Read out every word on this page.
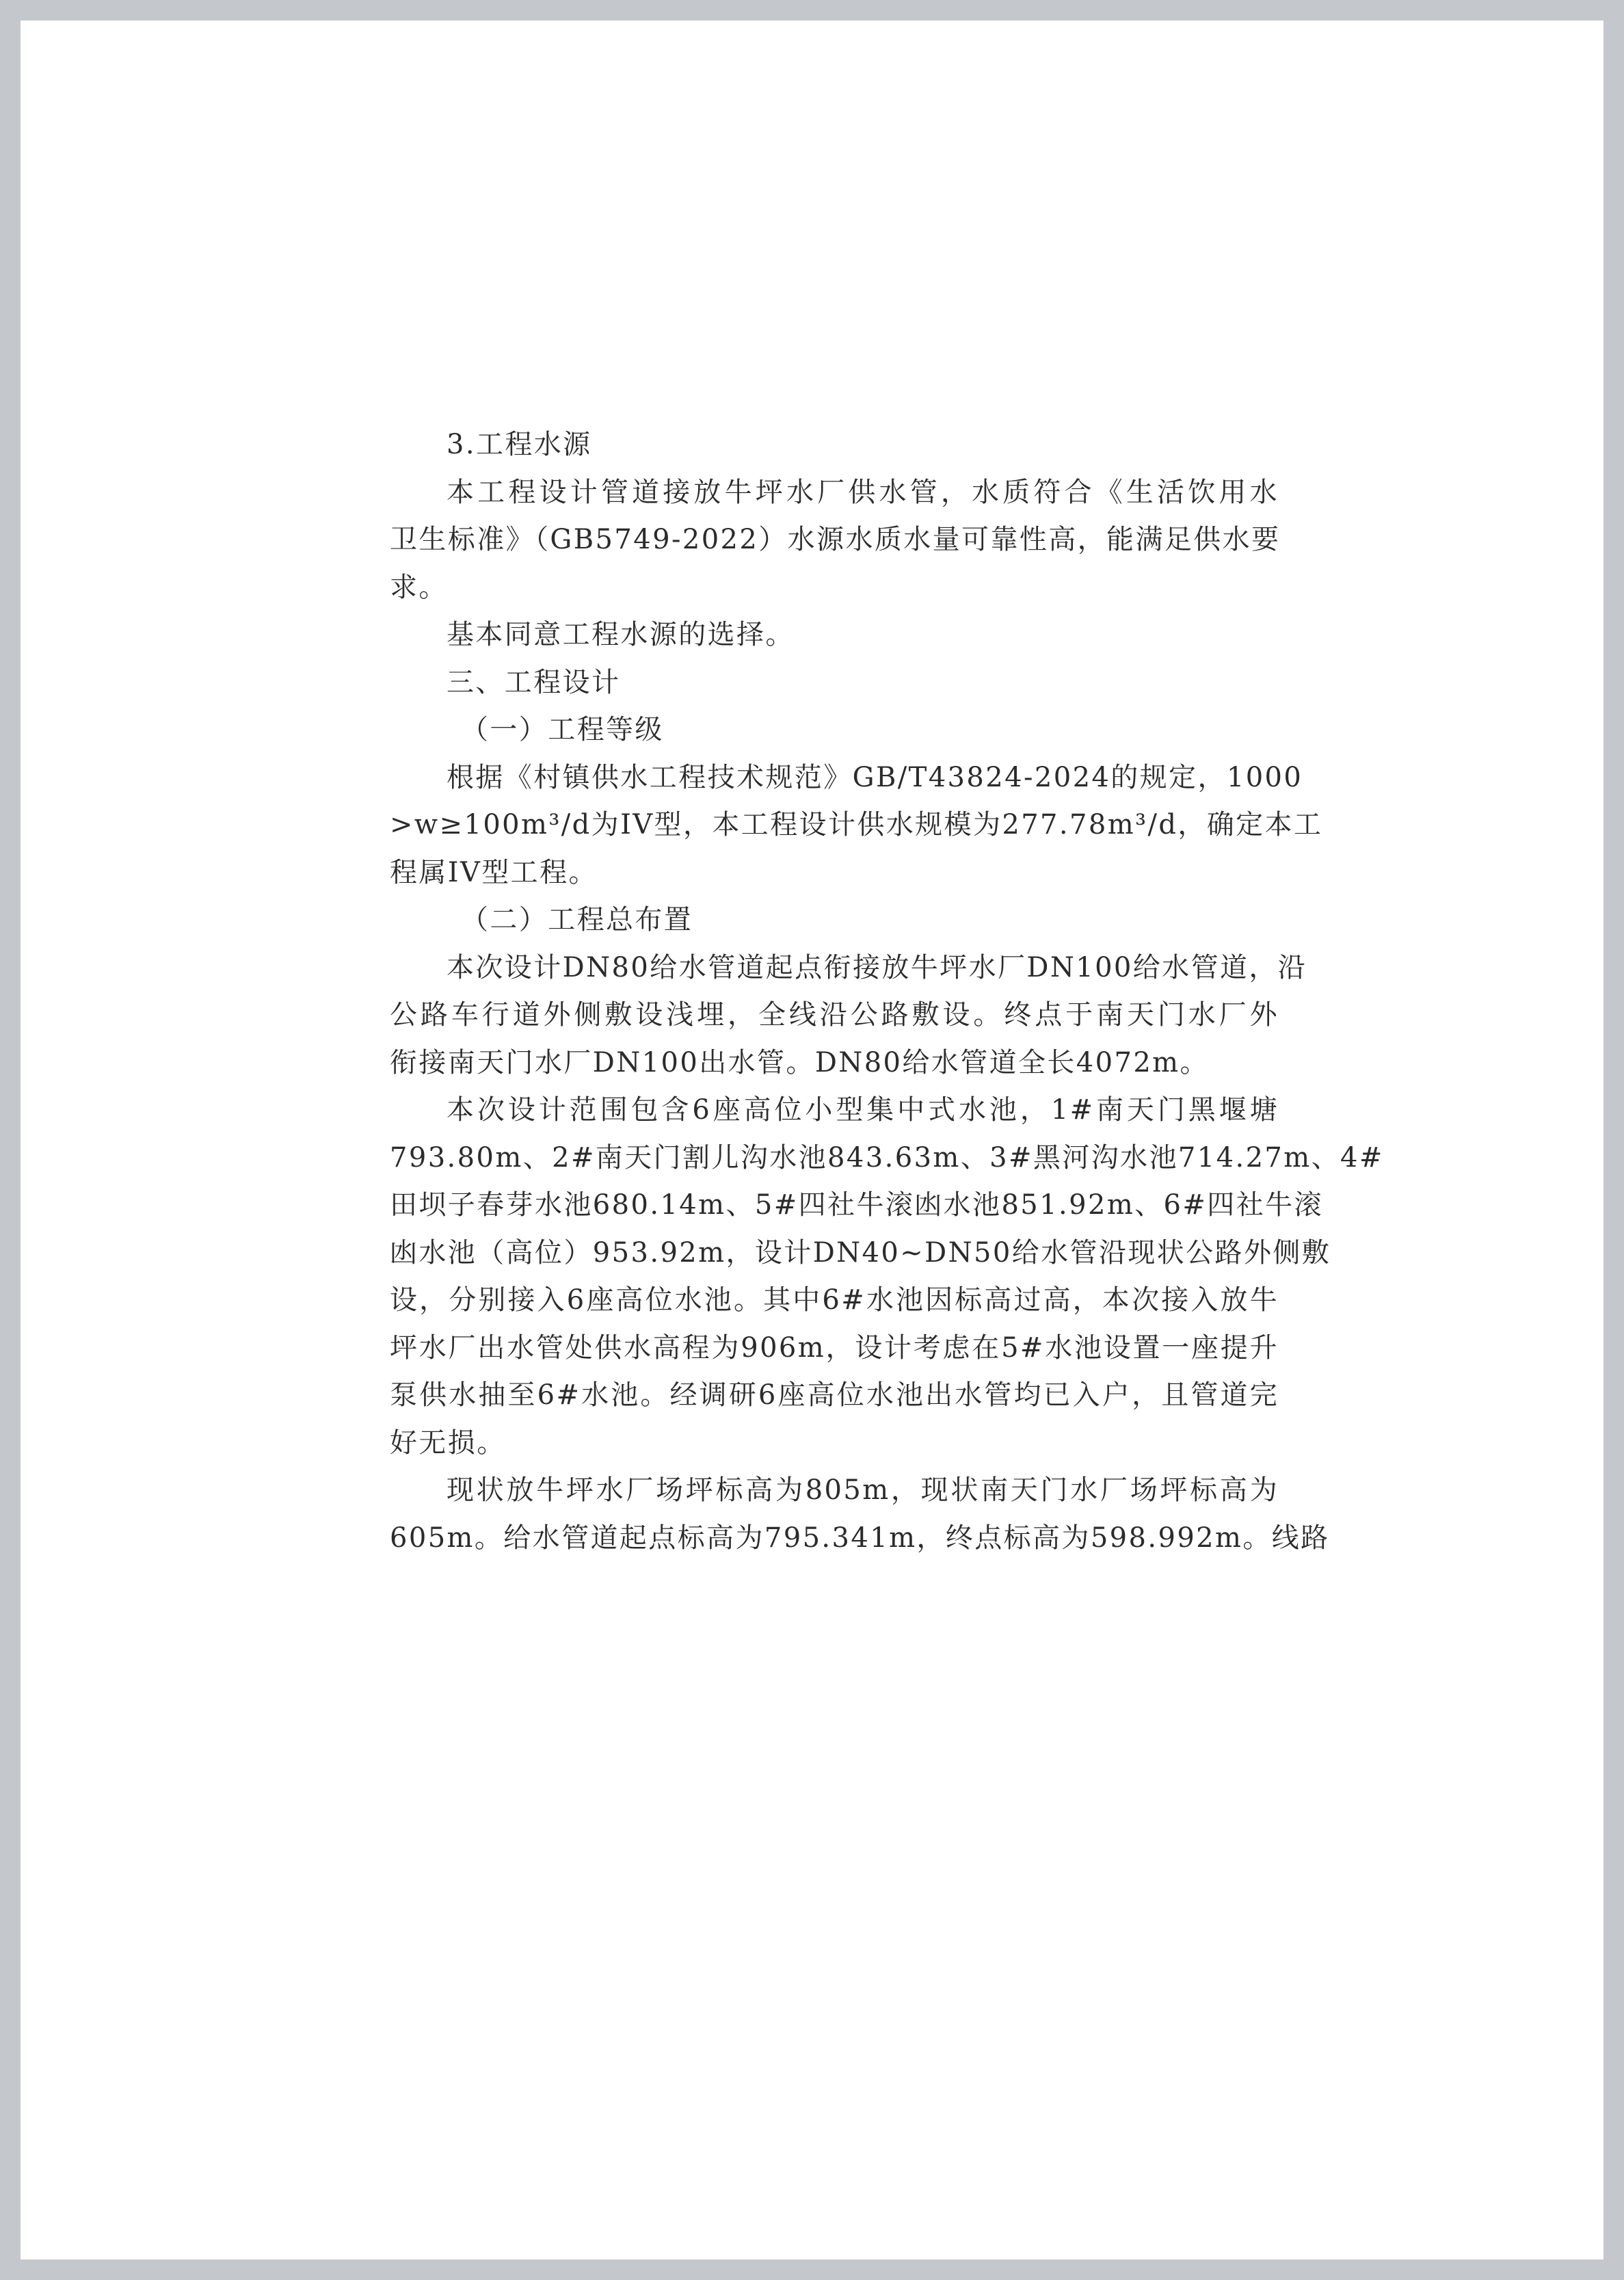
3.工程水源
本工程设计管道接放牛坪水厂供水管，水质符合《生活饮用水
卫生标准》（GB5749-2022）水源水质水量可靠性高，能满足供水要
求。
基本同意工程水源的选择。
三、工程设计
（一）工程等级
根据《村镇供水工程技术规范》GB/T43824-2024的规定，1000
>w≥100m³/d为IV型，本工程设计供水规模为277.78m³/d，确定本工
程属IV型工程。
（二）工程总布置
本次设计DN80给水管道起点衔接放牛坪水厂DN100给水管道，沿
公路车行道外侧敷设浅埋，全线沿公路敷设。终点于南天门水厂外
衔接南天门水厂DN100出水管。DN80给水管道全长4072m。
本次设计范围包含6座高位小型集中式水池，1#南天门黑堰塘
793.80m、2#南天门割儿沟水池843.63m、3#黑河沟水池714.27m、4#
田坝子春芽水池680.14m、5#四社牛滚凼水池851.92m、6#四社牛滚
凼水池（高位）953.92m，设计DN40~DN50给水管沿现状公路外侧敷
设，分别接入6座高位水池。其中6#水池因标高过高，本次接入放牛
坪水厂出水管处供水高程为906m，设计考虑在5#水池设置一座提升
泵供水抽至6#水池。经调研6座高位水池出水管均已入户，且管道完
好无损。
现状放牛坪水厂场坪标高为805m，现状南天门水厂场坪标高为
605m。给水管道起点标高为795.341m，终点标高为598.992m。线路
